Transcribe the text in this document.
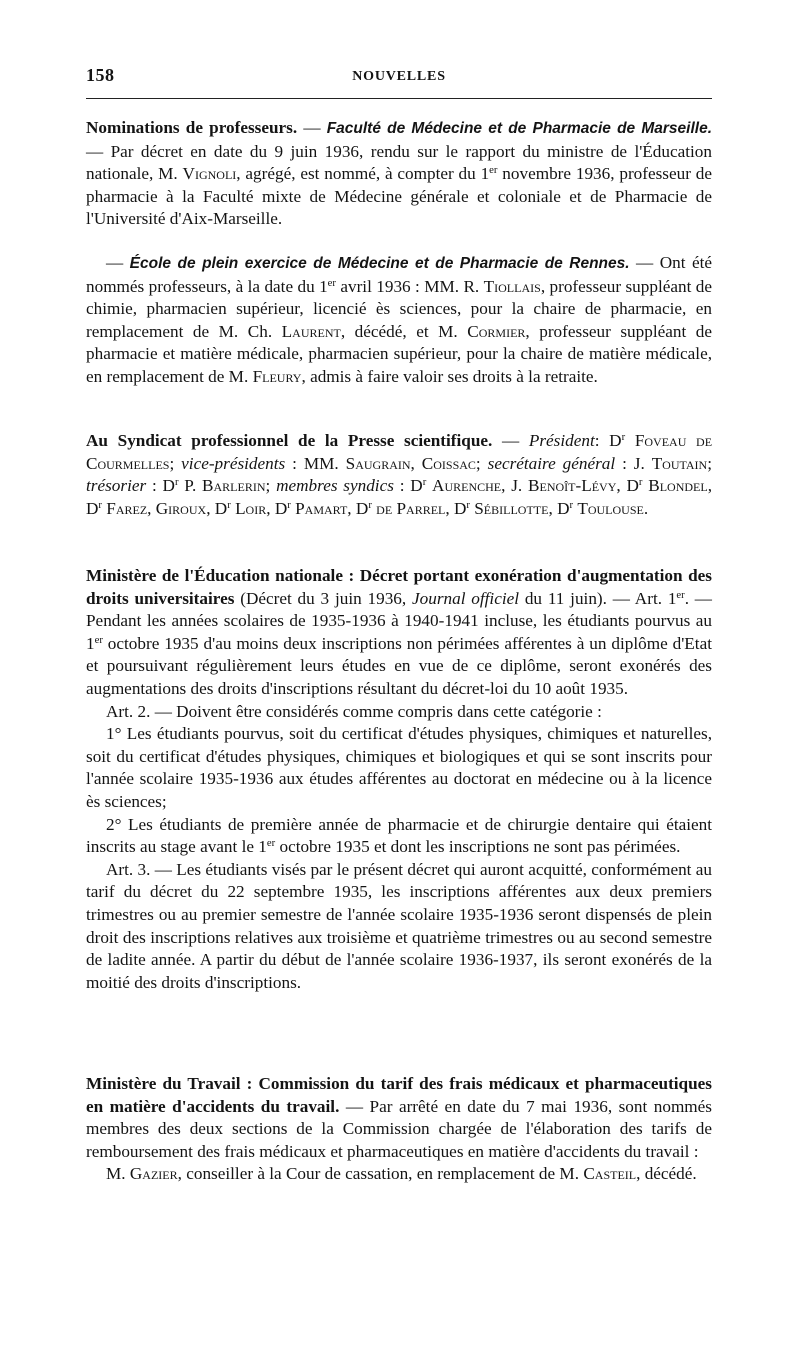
158	NOUVELLES

Nominations de professeurs. — Faculté de Médecine et de Pharmacie de Marseille. — Par décret en date du 9 juin 1936, rendu sur le rapport du ministre de l'Éducation nationale, M. Vignoli, agrégé, est nommé, à compter du 1er novembre 1936, professeur de pharmacie à la Faculté mixte de Médecine générale et coloniale et de Pharmacie de l'Université d'Aix-Marseille.

— École de plein exercice de Médecine et de Pharmacie de Rennes. — Ont été nommés professeurs, à la date du 1er avril 1936 : MM. R. Tiollais, professeur suppléant de chimie, pharmacien supérieur, licencié ès sciences, pour la chaire de pharmacie, en remplacement de M. Ch. Laurent, décédé, et M. Cormier, professeur suppléant de pharmacie et matière médicale, pharmacien supérieur, pour la chaire de matière médicale, en remplacement de M. Fleury, admis à faire valoir ses droits à la retraite.

Au Syndicat professionnel de la Presse scientifique. — Président: $D^r$ Foveau de Courmelles; vice-présidents : MM. Saugrain, Coissac; secrétaire général : J. Toutain; trésorier : $D^r$ P. Barlerin; membres syndics : $D^r$ Aurenche, J. Benoît-Lévy, $D^r$ Blondel, $D^r$ Farez, Giroux, $D^r$ Loir, $D^r$ Pamart, $D^r$ de Parrel, $D^r$ Sébillotte, $D^r$ Toulouse.

Ministère de l'Éducation nationale : Décret portant exonération d'augmentation des droits universitaires (Décret du 3 juin 1936, Journal officiel du 11 juin). — Art. 1er. — Pendant les années scolaires de 1935-1936 à 1940-1941 incluse, les étudiants pourvus au 1er octobre 1935 d'au moins deux inscriptions non périmées afférentes à un diplôme d'Etat et poursuivant régulièrement leurs études en vue de ce diplôme, seront exonérés des augmentations des droits d'inscriptions résultant du décret-loi du 10 août 1935.

Art. 2. — Doivent être considérés comme compris dans cette catégorie :

1° Les étudiants pourvus, soit du certificat d'études physiques, chimiques et naturelles, soit du certificat d'études physiques, chimiques et biologiques et qui se sont inscrits pour l'année scolaire 1935-1936 aux études afférentes au doctorat en médecine ou à la licence ès sciences;

2° Les étudiants de première année de pharmacie et de chirurgie dentaire qui étaient inscrits au stage avant le 1er octobre 1935 et dont les inscriptions ne sont pas périmées.

Art. 3. — Les étudiants visés par le présent décret qui auront acquitté, conformément au tarif du décret du 22 septembre 1935, les inscriptions afférentes aux deux premiers trimestres ou au premier semestre de l'année scolaire 1935-1936 seront dispensés de plein droit des inscriptions relatives aux troisième et quatrième trimestres ou au second semestre de ladite année. A partir du début de l'année scolaire 1936-1937, ils seront exonérés de la moitié des droits d'inscriptions.

Ministère du Travail : Commission du tarif des frais médicaux et pharmaceutiques en matière d'accidents du travail. — Par arrêté en date du 7 mai 1936, sont nommés membres des deux sections de la Commission chargée de l'élaboration des tarifs de remboursement des frais médicaux et pharmaceutiques en matière d'accidents du travail :

M. Gazier, conseiller à la Cour de cassation, en remplacement de M. Casteil, décédé.
